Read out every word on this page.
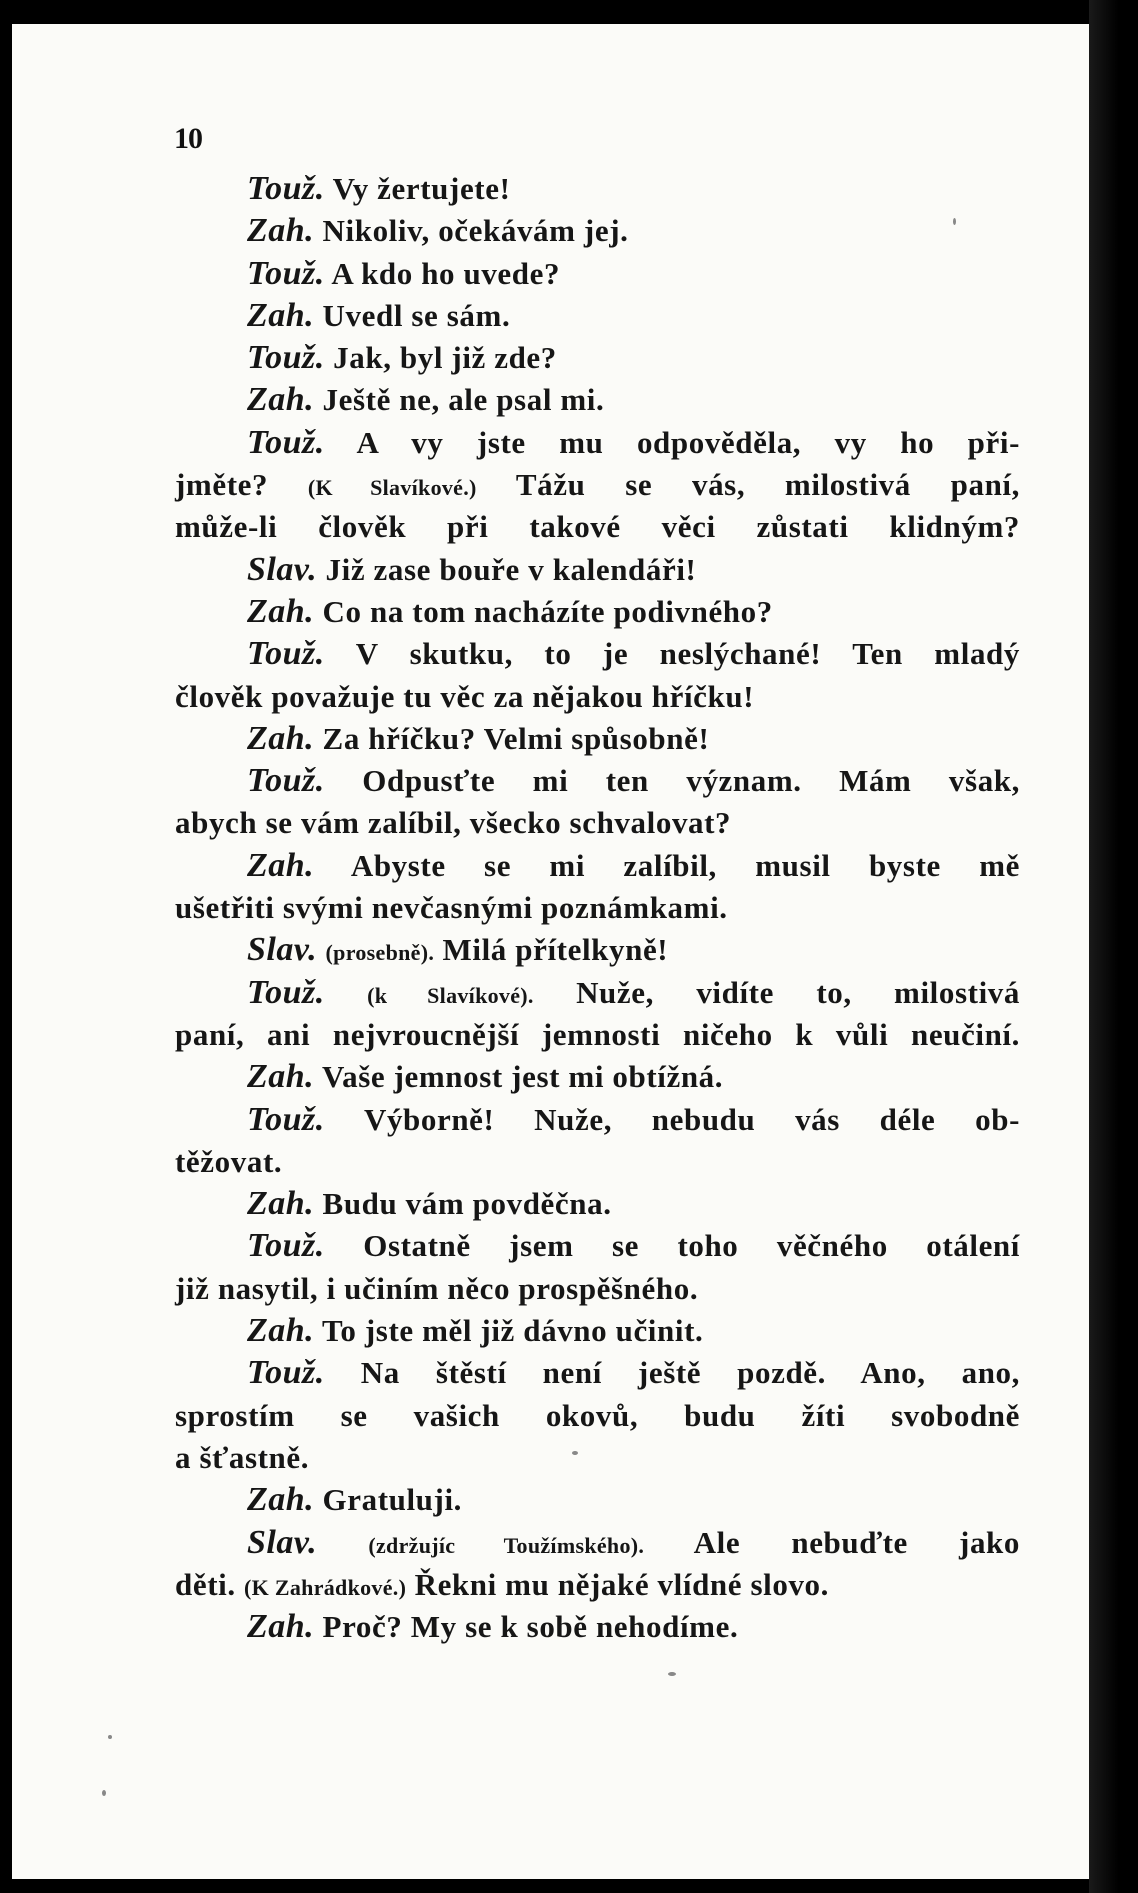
10
Touž. Vy žertujete!
Zah. Nikoliv, očekávám jej.
Touž. A kdo ho uvede?
Zah. Uvedl se sám.
Touž. Jak, byl již zde?
Zah. Ještě ne, ale psal mi.
Touž. A vy jste mu odpověděla, vy ho při-
jměte? (K Slavíkové.) Tážu se vás, milostivá paní,
může-li člověk při takové věci zůstati klidným?
Slav. Již zase bouře v kalendáři!
Zah. Co na tom nacházíte podivného?
Touž. V skutku, to je neslýchané! Ten mladý
člověk považuje tu věc za nějakou hříčku!
Zah. Za hříčku? Velmi spůsobně!
Touž. Odpusťte mi ten význam. Mám však,
abych se vám zalíbil, všecko schvalovat?
Zah. Abyste se mi zalíbil, musil byste mě
ušetřiti svými nevčasnými poznámkami.
Slav. (prosebně). Milá přítelkyně!
Touž. (k Slavíkové). Nuže, vidíte to, milostivá
paní, ani nejvroucnější jemnosti ničeho k vůli neučiní.
Zah. Vaše jemnost jest mi obtížná.
Touž. Výborně! Nuže, nebudu vás déle ob-
těžovat.
Zah. Budu vám povděčna.
Touž. Ostatně jsem se toho věčného otálení
již nasytil, i učiním něco prospěšného.
Zah. To jste měl již dávno učinit.
Touž. Na štěstí není ještě pozdě. Ano, ano,
sprostím se vašich okovů, budu žíti svobodně
a šťastně.
Zah. Gratuluji.
Slav. (zdržujíc Toužímského). Ale nebuďte jako
děti. (K Zahrádkové.) Řekni mu nějaké vlídné slovo.
Zah. Proč? My se k sobě nehodíme.
